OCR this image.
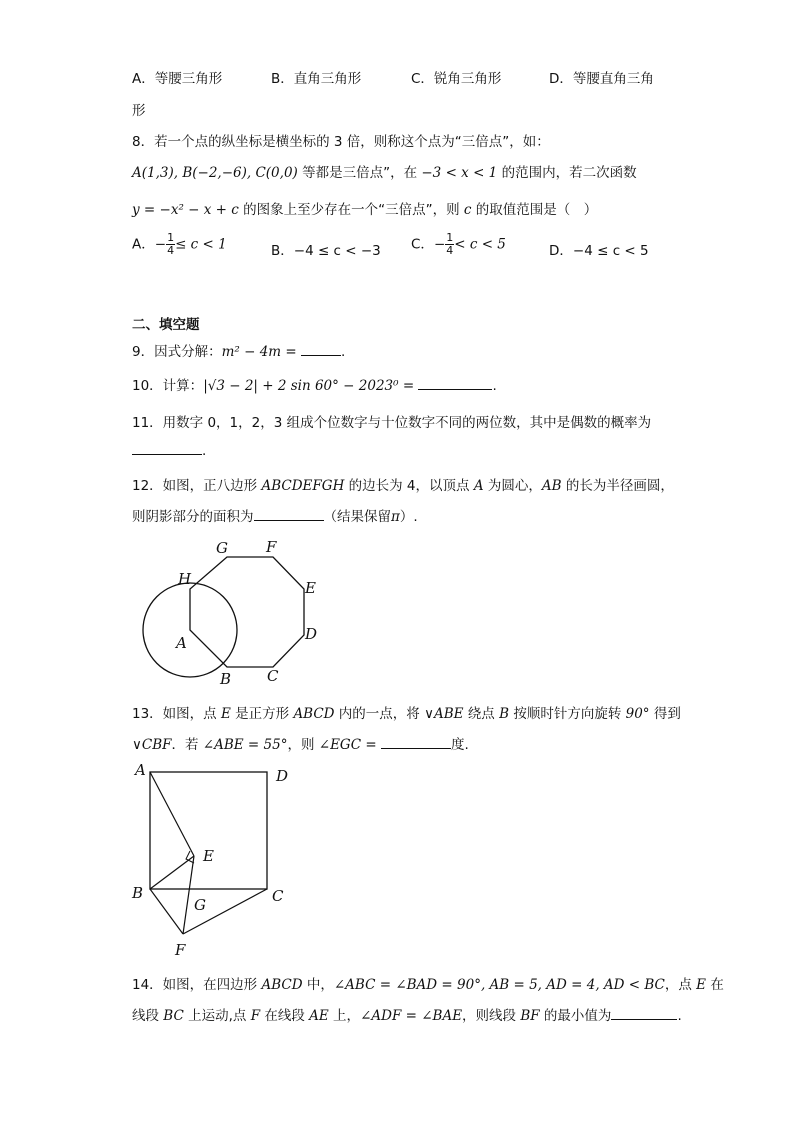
A．等腰三角形	B．直角三角形	C．锐角三角形	D．等腰直角三角
形
8．若一个点的纵坐标是横坐标的 3 倍，则称这个点为“三倍点”，如：
A(1,3), B(−2,−6), C(0,0) 等都是三倍点”，在 −3 < x < 1 的范围内，若二次函数
y = −x² − x + c 的图象上至少存在一个“三倍点”，则 c 的取值范围是（　）
A．− $\frac{1}{4} \le c < 1$	B．−4 ≤ c < −3 C．− $\frac{1}{4} < c < 5$	D．−4 ≤ c < 5
二、填空题
9．因式分解：m² − 4m =	.
10．计算：|√3 − 2| + 2 sin 60° − 2023⁰ =	.
11．用数字 0，1，2，3 组成个位数字与十位数字不同的两位数，其中是偶数的概率为
.
12．如图，正八边形 ABCDEFGH 的边长为 4，以顶点 A 为圆心，AB 的长为半径画圆，
则阴影部分的面积为	（结果保留π）.
G	F
H	E
A	D
B C
13．如图，点 E 是正方形 ABCD 内的一点，将 ∨ABE 绕点 B 按顺时针方向旋转 90° 得到
∨CBF．若 ∠ABE = 55°，则 ∠EGC =	度.
A	D
E
B
G	C
F
14．如图，在四边形 ABCD 中，∠ABC = ∠BAD = 90°, AB = 5, AD = 4, AD < BC，点 E 在
线段 BC 上运动,点 F 在线段 AE 上，∠ADF = ∠BAE，则线段 BF 的最小值为	.
